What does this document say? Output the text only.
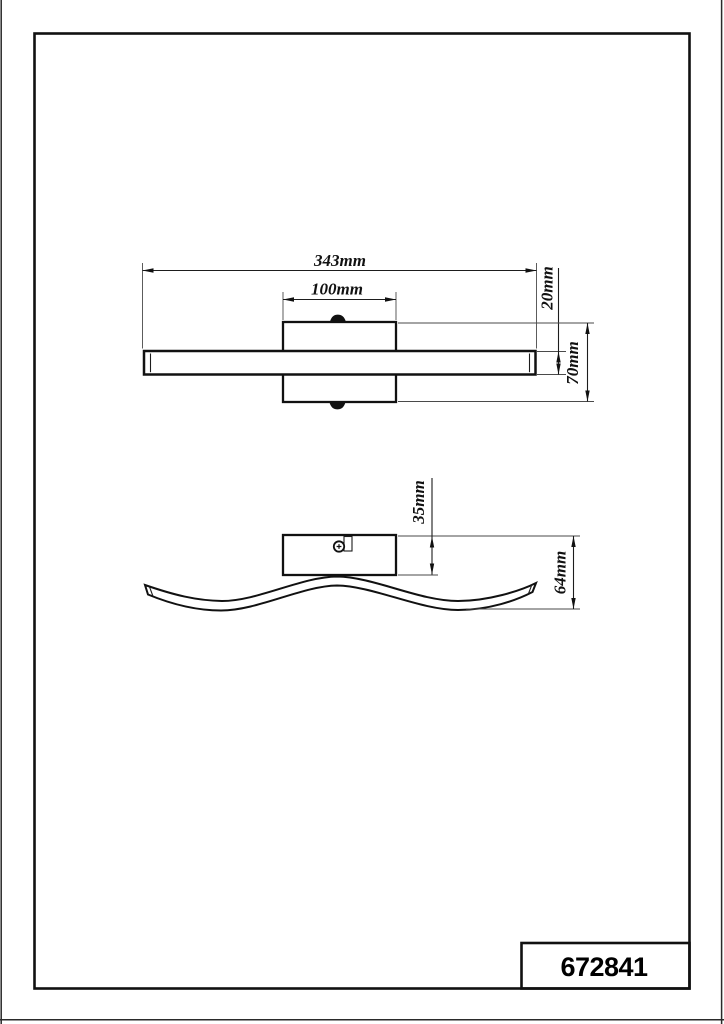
343mm
100mm	20mm
70mm
35mm
64mm
672841
